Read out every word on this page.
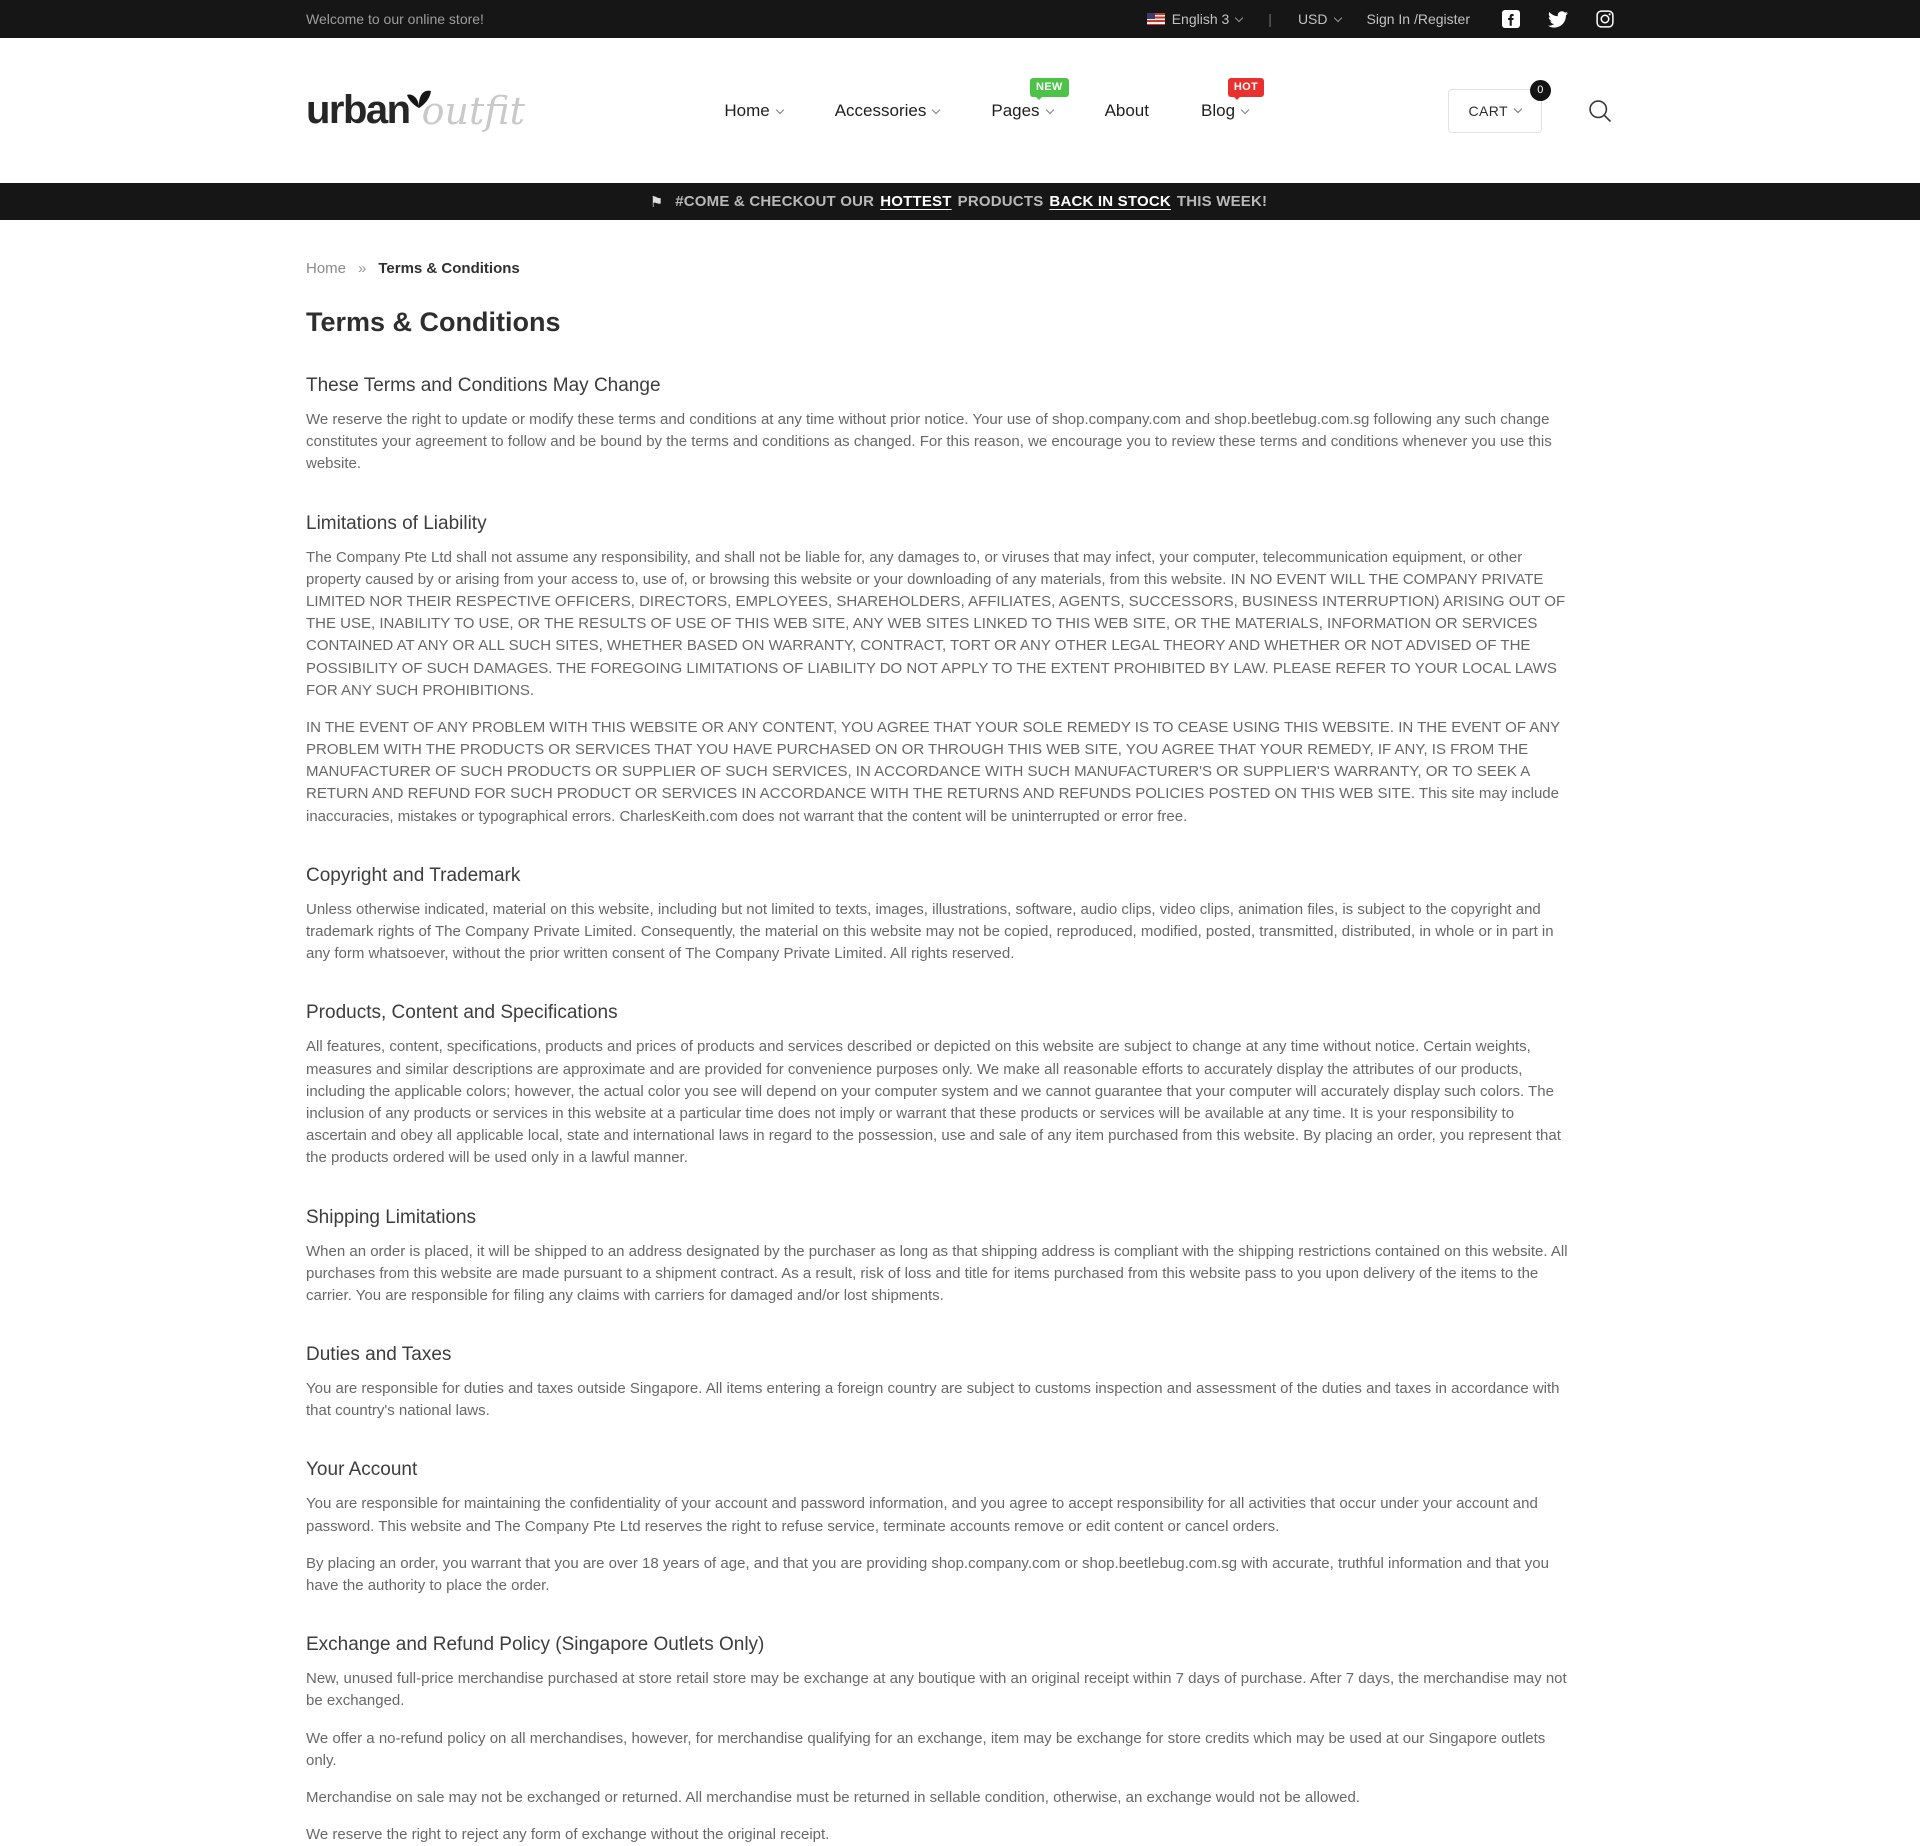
Welcome to our online store!	English 3	| USD	Sign In /Register
urban outfit	Home	Accessories	Pages
NEW
About	Blog
HOT
CART
0
⚑ #COME & CHECKOUT OUR HOTTEST PRODUCTS BACK IN STOCK THIS WEEK!
Home » Terms & Conditions
Terms & Conditions
These Terms and Conditions May Change

We reserve the right to update or modify these terms and conditions at any time without prior notice. Your use of shop.company.com and shop.beetlebug.com.sg following any such change constitutes your agreement to follow and be bound by the terms and conditions as changed. For this reason, we encourage you to review these terms and conditions whenever you use this website.

Limitations of Liability

The Company Pte Ltd shall not assume any responsibility, and shall not be liable for, any damages to, or viruses that may infect, your computer, telecommunication equipment, or other property caused by or arising from your access to, use of, or browsing this website or your downloading of any materials, from this website. IN NO EVENT WILL THE COMPANY PRIVATE LIMITED NOR THEIR RESPECTIVE OFFICERS, DIRECTORS, EMPLOYEES, SHAREHOLDERS, AFFILIATES, AGENTS, SUCCESSORS, BUSINESS INTERRUPTION) ARISING OUT OF THE USE, INABILITY TO USE, OR THE RESULTS OF USE OF THIS WEB SITE, ANY WEB SITES LINKED TO THIS WEB SITE, OR THE MATERIALS, INFORMATION OR SERVICES CONTAINED AT ANY OR ALL SUCH SITES, WHETHER BASED ON WARRANTY, CONTRACT, TORT OR ANY OTHER LEGAL THEORY AND WHETHER OR NOT ADVISED OF THE POSSIBILITY OF SUCH DAMAGES. THE FOREGOING LIMITATIONS OF LIABILITY DO NOT APPLY TO THE EXTENT PROHIBITED BY LAW. PLEASE REFER TO YOUR LOCAL LAWS FOR ANY SUCH PROHIBITIONS.

IN THE EVENT OF ANY PROBLEM WITH THIS WEBSITE OR ANY CONTENT, YOU AGREE THAT YOUR SOLE REMEDY IS TO CEASE USING THIS WEBSITE. IN THE EVENT OF ANY PROBLEM WITH THE PRODUCTS OR SERVICES THAT YOU HAVE PURCHASED ON OR THROUGH THIS WEB SITE, YOU AGREE THAT YOUR REMEDY, IF ANY, IS FROM THE MANUFACTURER OF SUCH PRODUCTS OR SUPPLIER OF SUCH SERVICES, IN ACCORDANCE WITH SUCH MANUFACTURER'S OR SUPPLIER'S WARRANTY, OR TO SEEK A RETURN AND REFUND FOR SUCH PRODUCT OR SERVICES IN ACCORDANCE WITH THE RETURNS AND REFUNDS POLICIES POSTED ON THIS WEB SITE. This site may include inaccuracies, mistakes or typographical errors. CharlesKeith.com does not warrant that the content will be uninterrupted or error free.

Copyright and Trademark

Unless otherwise indicated, material on this website, including but not limited to texts, images, illustrations, software, audio clips, video clips, animation files, is subject to the copyright and trademark rights of The Company Private Limited. Consequently, the material on this website may not be copied, reproduced, modified, posted, transmitted, distributed, in whole or in part in any form whatsoever, without the prior written consent of The Company Private Limited. All rights reserved.

Products, Content and Specifications

All features, content, specifications, products and prices of products and services described or depicted on this website are subject to change at any time without notice. Certain weights, measures and similar descriptions are approximate and are provided for convenience purposes only. We make all reasonable efforts to accurately display the attributes of our products, including the applicable colors; however, the actual color you see will depend on your computer system and we cannot guarantee that your computer will accurately display such colors. The inclusion of any products or services in this website at a particular time does not imply or warrant that these products or services will be available at any time. It is your responsibility to ascertain and obey all applicable local, state and international laws in regard to the possession, use and sale of any item purchased from this website. By placing an order, you represent that the products ordered will be used only in a lawful manner.

Shipping Limitations

When an order is placed, it will be shipped to an address designated by the purchaser as long as that shipping address is compliant with the shipping restrictions contained on this website. All purchases from this website are made pursuant to a shipment contract. As a result, risk of loss and title for items purchased from this website pass to you upon delivery of the items to the carrier. You are responsible for filing any claims with carriers for damaged and/or lost shipments.

Duties and Taxes

You are responsible for duties and taxes outside Singapore. All items entering a foreign country are subject to customs inspection and assessment of the duties and taxes in accordance with that country's national laws.

Your Account

You are responsible for maintaining the confidentiality of your account and password information, and you agree to accept responsibility for all activities that occur under your account and password. This website and The Company Pte Ltd reserves the right to refuse service, terminate accounts remove or edit content or cancel orders.

By placing an order, you warrant that you are over 18 years of age, and that you are providing shop.company.com or shop.beetlebug.com.sg with accurate, truthful information and that you have the authority to place the order.

Exchange and Refund Policy (Singapore Outlets Only)

New, unused full-price merchandise purchased at store retail store may be exchange at any boutique with an original receipt within 7 days of purchase. After 7 days, the merchandise may not be exchanged.

We offer a no-refund policy on all merchandises, however, for merchandise qualifying for an exchange, item may be exchange for store credits which may be used at our Singapore outlets only.

Merchandise on sale may not be exchanged or returned. All merchandise must be returned in sellable condition, otherwise, an exchange would not be allowed.

We reserve the right to reject any form of exchange without the original receipt.
